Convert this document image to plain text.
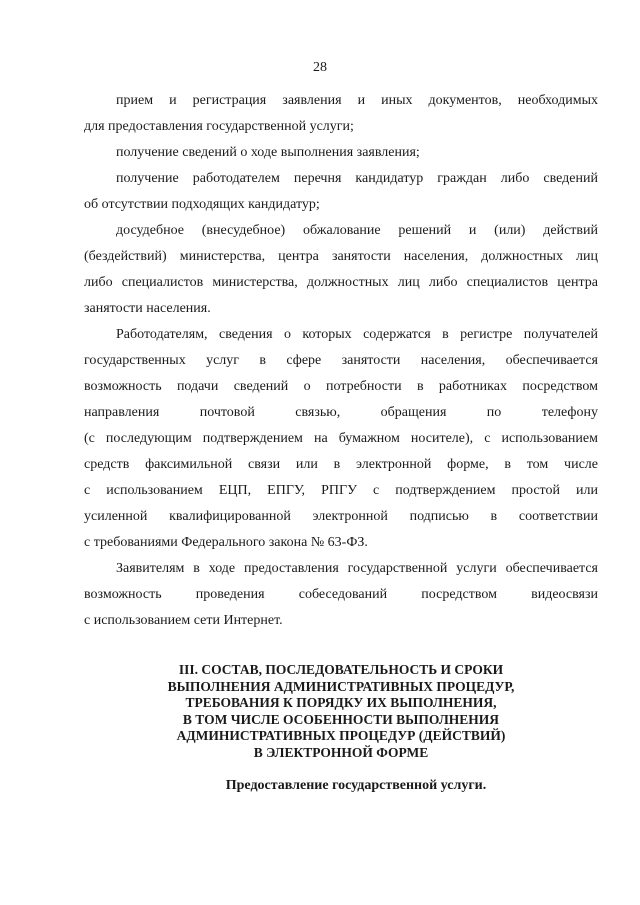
28
прием и регистрация заявления и иных документов, необходимых
для предоставления государственной услуги;
получение сведений о ходе выполнения заявления;
получение работодателем перечня кандидатур граждан либо сведений
об отсутствии подходящих кандидатур;
досудебное (внесудебное) обжалование решений и (или) действий
(бездействий) министерства, центра занятости населения, должностных лиц
либо специалистов министерства, должностных лиц либо специалистов центра
занятости населения.
Работодателям, сведения о которых содержатся в регистре получателей
государственных услуг в сфере занятости населения, обеспечивается
возможность подачи сведений о потребности в работниках посредством
направления почтовой связью, обращения по телефону
(с последующим подтверждением на бумажном носителе), с использованием
средств факсимильной связи или в электронной форме, в том числе
с использованием ЕЦП, ЕПГУ, РПГУ с подтверждением простой или
усиленной квалифицированной электронной подписью в соответствии
с требованиями Федерального закона № 63-ФЗ.
Заявителям в ходе предоставления государственной услуги обеспечивается
возможность проведения собеседований посредством видеосвязи
с использованием сети Интернет.
III. СОСТАВ, ПОСЛЕДОВАТЕЛЬНОСТЬ И СРОКИ
ВЫПОЛНЕНИЯ АДМИНИСТРАТИВНЫХ ПРОЦЕДУР,
ТРЕБОВАНИЯ К ПОРЯДКУ ИХ ВЫПОЛНЕНИЯ,
В ТОМ ЧИСЛЕ ОСОБЕННОСТИ ВЫПОЛНЕНИЯ
АДМИНИСТРАТИВНЫХ ПРОЦЕДУР (ДЕЙСТВИЙ)
В ЭЛЕКТРОННОЙ ФОРМЕ
Предоставление государственной услуги.
